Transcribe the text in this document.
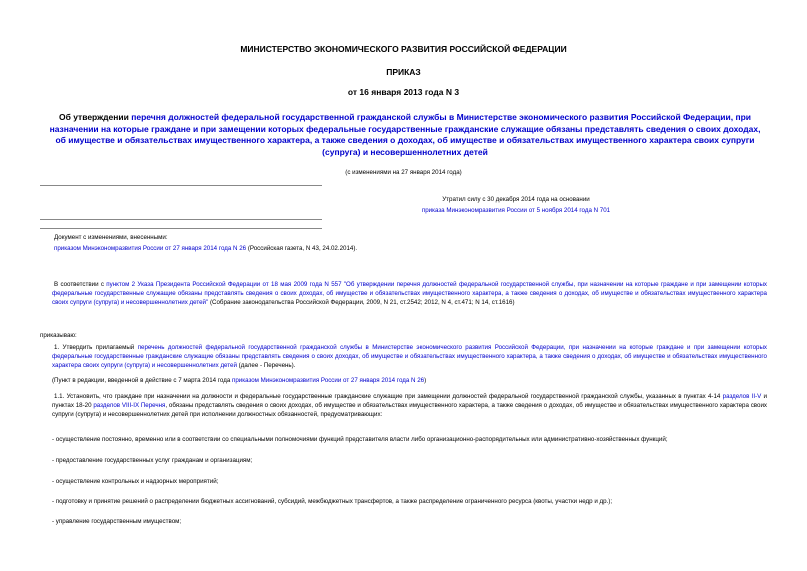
МИНИСТЕРСТВО ЭКОНОМИЧЕСКОГО РАЗВИТИЯ РОССИЙСКОЙ ФЕДЕРАЦИИ
ПРИКАЗ
от 16 января 2013 года N 3
Об утверждении перечня должностей федеральной государственной гражданской службы в Министерстве экономического развития Российской Федерации, при назначении на которые граждане и при замещении которых федеральные государственные гражданские служащие обязаны представлять сведения о своих доходах, об имуществе и обязательствах имущественного характера, а также сведения о доходах, об имуществе и обязательствах имущественного характера своих супруги (супруга) и несовершеннолетних детей
(с изменениями на 27 января 2014 года)
Утратил силу с 30 декабря 2014 года на основании
приказа Минэкономразвития России от 5 ноября 2014 года N 701
Документ с изменениями, внесенными:
приказом Минэкономразвития России от 27 января 2014 года N 26 (Российская газета, N 43, 24.02.2014).
В соответствии с пунктом 2 Указа Президента Российской Федерации от 18 мая 2009 года N 557 "Об утверждении перечня должностей федеральной государственной службы, при назначении на которые граждане и при замещении которых федеральные государственные служащие обязаны представлять сведения о своих доходах, об имуществе и обязательствах имущественного характера, а также сведения о доходах, об имуществе и обязательствах имущественного характера своих супруги (супруга) и несовершеннолетних детей" (Собрание законодательства Российской Федерации, 2009, N 21, ст.2542; 2012, N 4, ст.471; N 14, ст.1616)
приказываю:
1. Утвердить прилагаемый перечень должностей федеральной государственной гражданской службы в Министерстве экономического развития Российской Федерации, при назначении на которые граждане и при замещении которых федеральные государственные гражданские служащие обязаны представлять сведения о своих доходах, об имуществе и обязательствах имущественного характера, а также сведения о доходах, об имуществе и обязательствах имущественного характера своих супруги (супруга) и несовершеннолетних детей (далее - Перечень).
(Пункт в редакции, введенной в действие с 7 марта 2014 года приказом Минэкономразвития России от 27 января 2014 года N 26)
1.1. Установить, что граждане при назначении на должности и федеральные государственные гражданские служащие при замещении должностей федеральной государственной гражданской службы, указанных в пунктах 4-14 разделов II-V и пунктах 18-20 разделов VIII-IX Перечня, обязаны представлять сведения о своих доходах, об имуществе и обязательствах имущественного характера, а также сведения о доходах, об имуществе и обязательствах имущественного характера своих супруги (супруга) и несовершеннолетних детей при исполнении должностных обязанностей, предусматривающих:
- осуществление постоянно, временно или в соответствии со специальными полномочиями функций представителя власти либо организационно-распорядительных или административно-хозяйственных функций;
- предоставление государственных услуг гражданам и организациям;
- осуществление контрольных и надзорных мероприятий;
- подготовку и принятие решений о распределении бюджетных ассигнований, субсидий, межбюджетных трансфертов, а также распределение ограниченного ресурса (квоты, участки недр и др.);
- управление государственным имуществом;
